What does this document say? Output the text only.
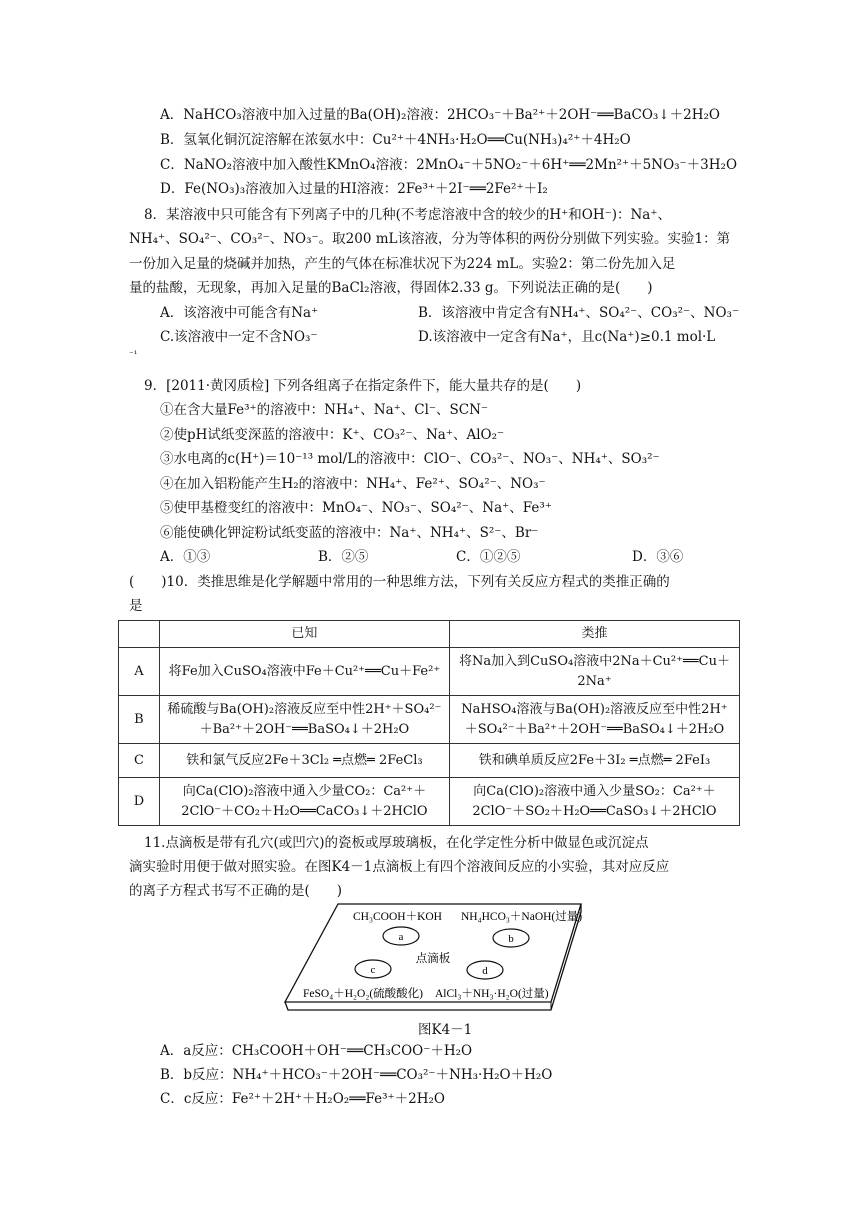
A．NaHCO₃溶液中加入过量的Ba(OH)₂溶液：2HCO₃⁻＋Ba²⁺＋2OH⁻══BaCO₃↓＋2H₂O
B．氢氧化铜沉淀溶解在浓氨水中：Cu²⁺＋4NH₃·H₂O══Cu(NH₃)₄²⁺＋4H₂O
C．NaNO₂溶液中加入酸性KMnO₄溶液：2MnO₄⁻＋5NO₂⁻＋6H⁺══2Mn²⁺＋5NO₃⁻＋3H₂O
D．Fe(NO₃)₃溶液加入过量的HI溶液：2Fe³⁺＋2I⁻══2Fe²⁺＋I₂
8．某溶液中只可能含有下列离子中的几种(不考虑溶液中含的较少的H⁺和OH⁻)：Na⁺、
NH₄⁺、SO₄²⁻、CO₃²⁻、NO₃⁻。取200 mL该溶液，分为等体积的两份分别做下列实验。实验1：第
一份加入足量的烧碱并加热，产生的气体在标准状况下为224 mL。实验2：第二份先加入足
量的盐酸，无现象，再加入足量的BaCl₂溶液，得固体2.33 g。下列说法正确的是(　　)
A．该溶液中可能含有Na⁺	B．该溶液中肯定含有NH₄⁺、SO₄²⁻、CO₃²⁻、NO₃⁻
C.该溶液中一定不含NO₃⁻	D.该溶液中一定含有Na⁺，且c(Na⁺)≥0.1 mol·L
⁻¹
9．[2011·黄冈质检] 下列各组离子在指定条件下，能大量共存的是(　　)
①在含大量Fe³⁺的溶液中：NH₄⁺、Na⁺、Cl⁻、SCN⁻
②使pH试纸变深蓝的溶液中：K⁺、CO₃²⁻、Na⁺、AlO₂⁻
③水电离的c(H⁺)＝10⁻¹³ mol/L的溶液中：ClO⁻、CO₃²⁻、NO₃⁻、NH₄⁺、SO₃²⁻
④在加入铝粉能产生H₂的溶液中：NH₄⁺、Fe²⁺、SO₄²⁻、NO₃⁻
⑤使甲基橙变红的溶液中：MnO₄⁻、NO₃⁻、SO₄²⁻、Na⁺、Fe³⁺
⑥能使碘化钾淀粉试纸变蓝的溶液中：Na⁺、NH₄⁺、S²⁻、Br⁻
A．①③	B．②⑤	C．①②⑤	D．③⑥
(　　)10．类推思维是化学解题中常用的一种思维方法，下列有关反应方程式的类推正确的
是
	已知	类推
A	将Fe加入CuSO₄溶液中Fe＋Cu²⁺══Cu＋Fe²⁺	将Na加入到CuSO₄溶液中2Na＋Cu²⁺══Cu＋2Na⁺
B	稀硫酸与Ba(OH)₂溶液反应至中性2H⁺＋SO₄²⁻＋Ba²⁺＋2OH⁻══BaSO₄↓＋2H₂O	NaHSO₄溶液与Ba(OH)₂溶液反应至中性2H⁺＋SO₄²⁻＋Ba²⁺＋2OH⁻══BaSO₄↓＋2H₂O
C	铁和氯气反应2Fe＋3Cl₂ ═点燃═ 2FeCl₃	铁和碘单质反应2Fe＋3I₂ ═点燃═ 2FeI₃
D	向Ca(ClO)₂溶液中通入少量CO₂：Ca²⁺＋2ClO⁻＋CO₂＋H₂O══CaCO₃↓＋2HClO	向Ca(ClO)₂溶液中通入少量SO₂：Ca²⁺＋2ClO⁻＋SO₂＋H₂O══CaSO₃↓＋2HClO
11.点滴板是带有孔穴(或凹穴)的瓷板或厚玻璃板，在化学定性分析中做显色或沉淀点
滴实验时用便于做对照实验。在图K4－1点滴板上有四个溶液间反应的小实验，其对应反应
的离子方程式书写不正确的是(　　)
CH₃COOH＋KOH NH₄HCO₃＋NaOH(过量)
a	b
点滴板
c	d
FeSO₄＋H₂O₂(硫酸酸化) AlCl₃＋NH₃·H₂O(过量)
图K4－1
A．a反应：CH₃COOH＋OH⁻══CH₃COO⁻＋H₂O
B．b反应：NH₄⁺＋HCO₃⁻＋2OH⁻══CO₃²⁻＋NH₃·H₂O＋H₂O
C．c反应：Fe²⁺＋2H⁺＋H₂O₂══Fe³⁺＋2H₂O
